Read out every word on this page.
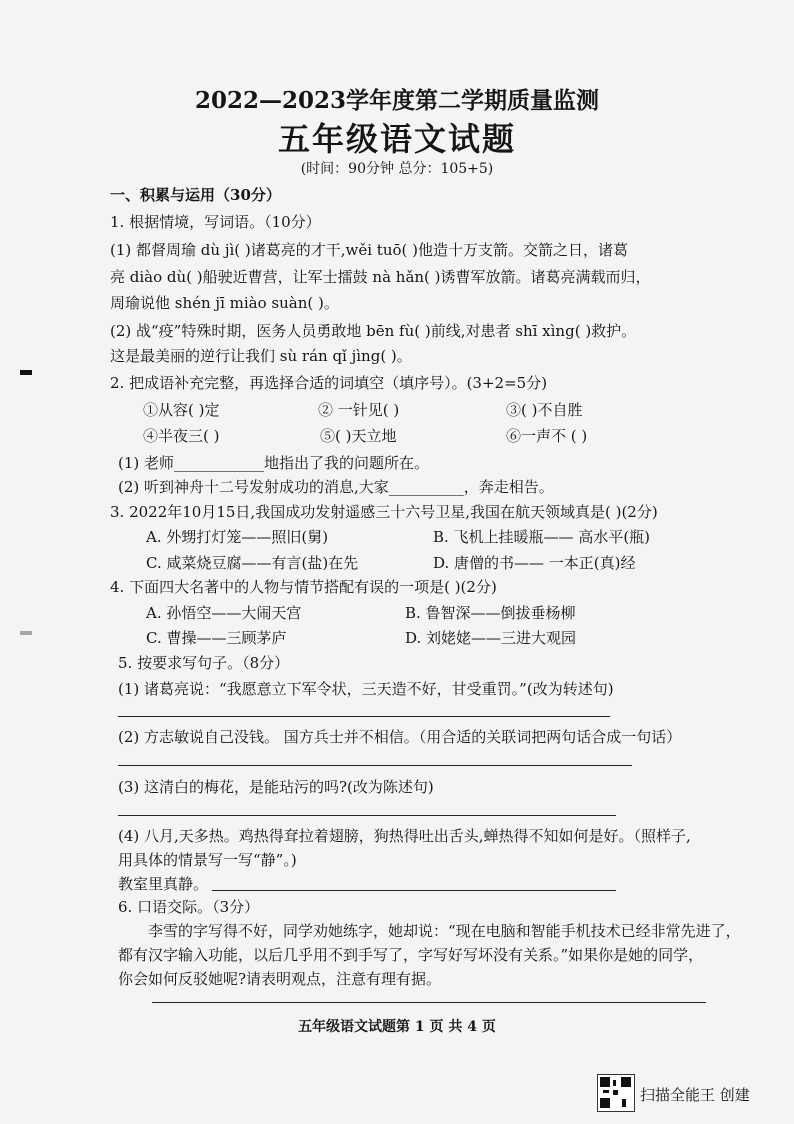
2022—2023学年度第二学期质量监测
五年级语文试题
(时间：90分钟 总分：105+5)
一、积累与运用（30分）
1. 根据情境，写词语。（10分）
(1) 都督周瑜 dù jì( )诸葛亮的才干,wěi tuō( )他造十万支箭。交箭之日，诸葛
亮 diào dù( )船驶近曹营，让军士擂鼓 nà hǎn( )诱曹军放箭。诸葛亮满载而归，
周瑜说他 shén jī miào suàn( )。
(2) 战“疫”特殊时期，医务人员勇敢地 bēn fù( )前线,对患者 shī xìng( )救护。
这是最美丽的逆行让我们 sù rán qǐ jìng( )。
2. 把成语补充完整，再选择合适的词填空（填序号）。(3+2=5分)
①从容( )定	② 一针见( )	③( )不自胜
④半夜三( )	⑤( )天立地	⑥一声不 ( )
(1) 老师____________地指出了我的问题所在。
(2) 听到神舟十二号发射成功的消息,大家__________，奔走相告。
3. 2022年10月15日,我国成功发射遥感三十六号卫星,我国在航天领域真是( )(2分)
A. 外甥打灯笼——照旧(舅)	B. 飞机上挂暖瓶—— 高水平(瓶)
C. 咸菜烧豆腐——有言(盐)在先	D. 唐僧的书—— 一本正(真)经
4. 下面四大名著中的人物与情节搭配有误的一项是( )(2分)
A. 孙悟空——大闹天宫	B. 鲁智深——倒拔垂杨柳
C. 曹操——三顾茅庐	D. 刘姥姥——三进大观园
5. 按要求写句子。（8分）
(1) 诸葛亮说：“我愿意立下军令状，三天造不好，甘受重罚。”(改为转述句)
(2) 方志敏说自己没钱。 国方兵士并不相信。（用合适的关联词把两句话合成一句话）
(3) 这清白的梅花，是能玷污的吗?(改为陈述句)
(4) 八月,天多热。鸡热得耷拉着翅膀，狗热得吐出舌头,蝉热得不知如何是好。（照样子,
用具体的情景写一写“静”。)
教室里真静。
6. 口语交际。（3分）
李雪的字写得不好，同学劝她练字，她却说：“现在电脑和智能手机技术已经非常先进了，
都有汉字输入功能，以后几乎用不到手写了，字写好写坏没有关系。”如果你是她的同学，
你会如何反驳她呢?请表明观点，注意有理有据。
五年级语文试题第 1 页 共 4 页
扫描全能王 创建
